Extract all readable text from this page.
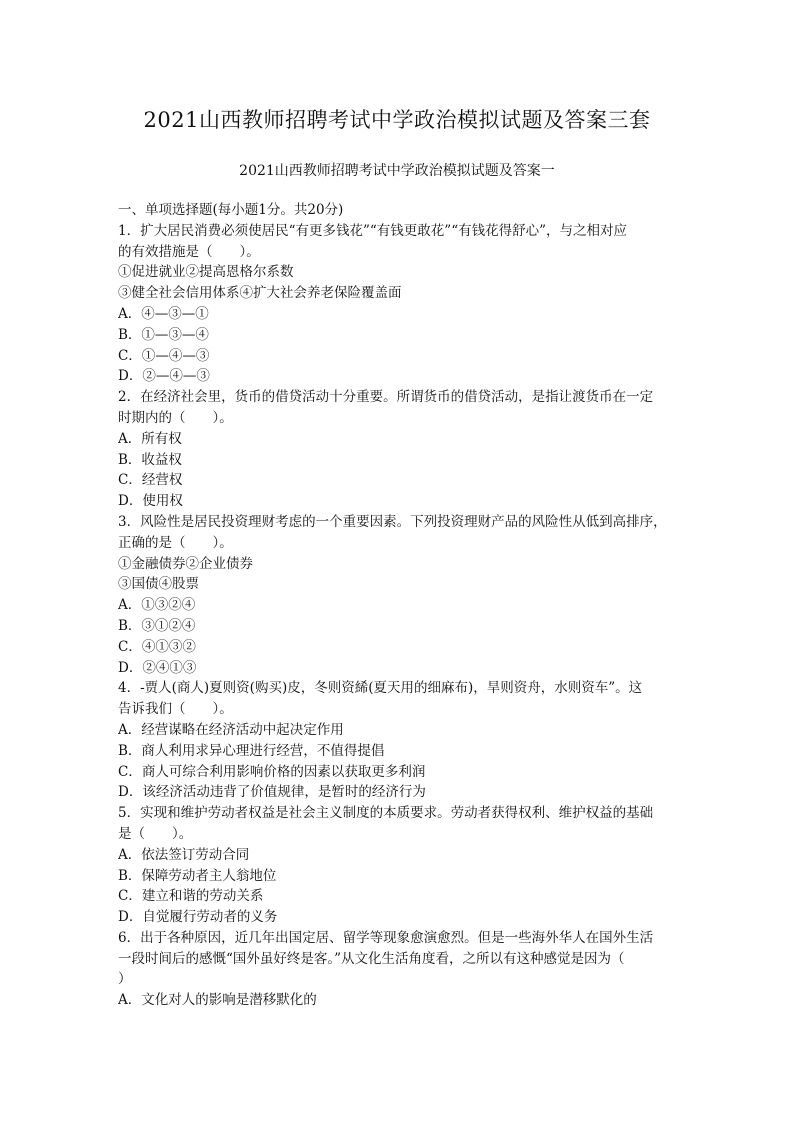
2021山西教师招聘考试中学政治模拟试题及答案三套
2021山西教师招聘考试中学政治模拟试题及答案一
一、单项选择题(每小题1分。共20分)
1．扩大居民消费必须使居民“有更多钱花”“有钱更敢花”“有钱花得舒心”，与之相对应
的有效措施是（　　）。
①促进就业②提高恩格尔系数
③健全社会信用体系④扩大社会养老保险覆盖面
A．④—③—①
B．①—③—④
C．①—④—③
D．②—④—③
2．在经济社会里，货币的借贷活动十分重要。所谓货币的借贷活动，是指让渡货币在一定
时期内的（　　）。
A．所有权
B．收益权
C．经营权
D．使用权
3．风险性是居民投资理财考虑的一个重要因素。下列投资理财产品的风险性从低到高排序，
正确的是（　　）。
①金融债券②企业债券
③国债④股票
A．①③②④
B．③①②④
C．④①③②
D．②④①③
4．-贾人(商人)夏则资(购买)皮，冬则资絺(夏天用的细麻布)，旱则资舟，水则资车”。这
告诉我们（　　）。
A．经营谋略在经济活动中起决定作用
B．商人利用求异心理进行经营，不值得提倡
C．商人可综合利用影响价格的因素以获取更多利润
D．该经济活动违背了价值规律，是暂时的经济行为
5．实现和维护劳动者权益是社会主义制度的本质要求。劳动者获得权利、维护权益的基础
是（　　）。
A．依法签订劳动合同
B．保障劳动者主人翁地位
C．建立和谐的劳动关系
D．自觉履行劳动者的义务
6．出于各种原因，近几年出国定居、留学等现象愈演愈烈。但是一些海外华人在国外生活
一段时间后的感慨“国外虽好终是客。”从文化生活角度看，之所以有这种感觉是因为（
）
A．文化对人的影响是潜移默化的
